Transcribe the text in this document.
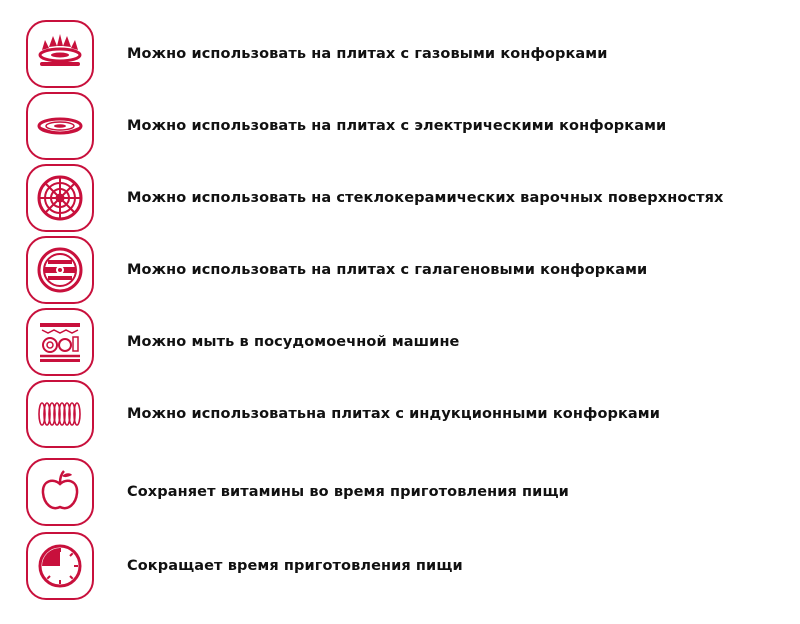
Можно использовать на плитах с газовыми конфорками
Можно использовать на плитах с электрическими конфорками
Можно использовать на стеклокерамических варочных поверхностях
Можно использовать на плитах с галагеновыми конфорками
Можно мыть в посудомоечной машине
Можно использоватьна плитах с индукционными конфорками
Сохраняет витамины во время приготовления пищи
Сокращает время приготовления пищи
